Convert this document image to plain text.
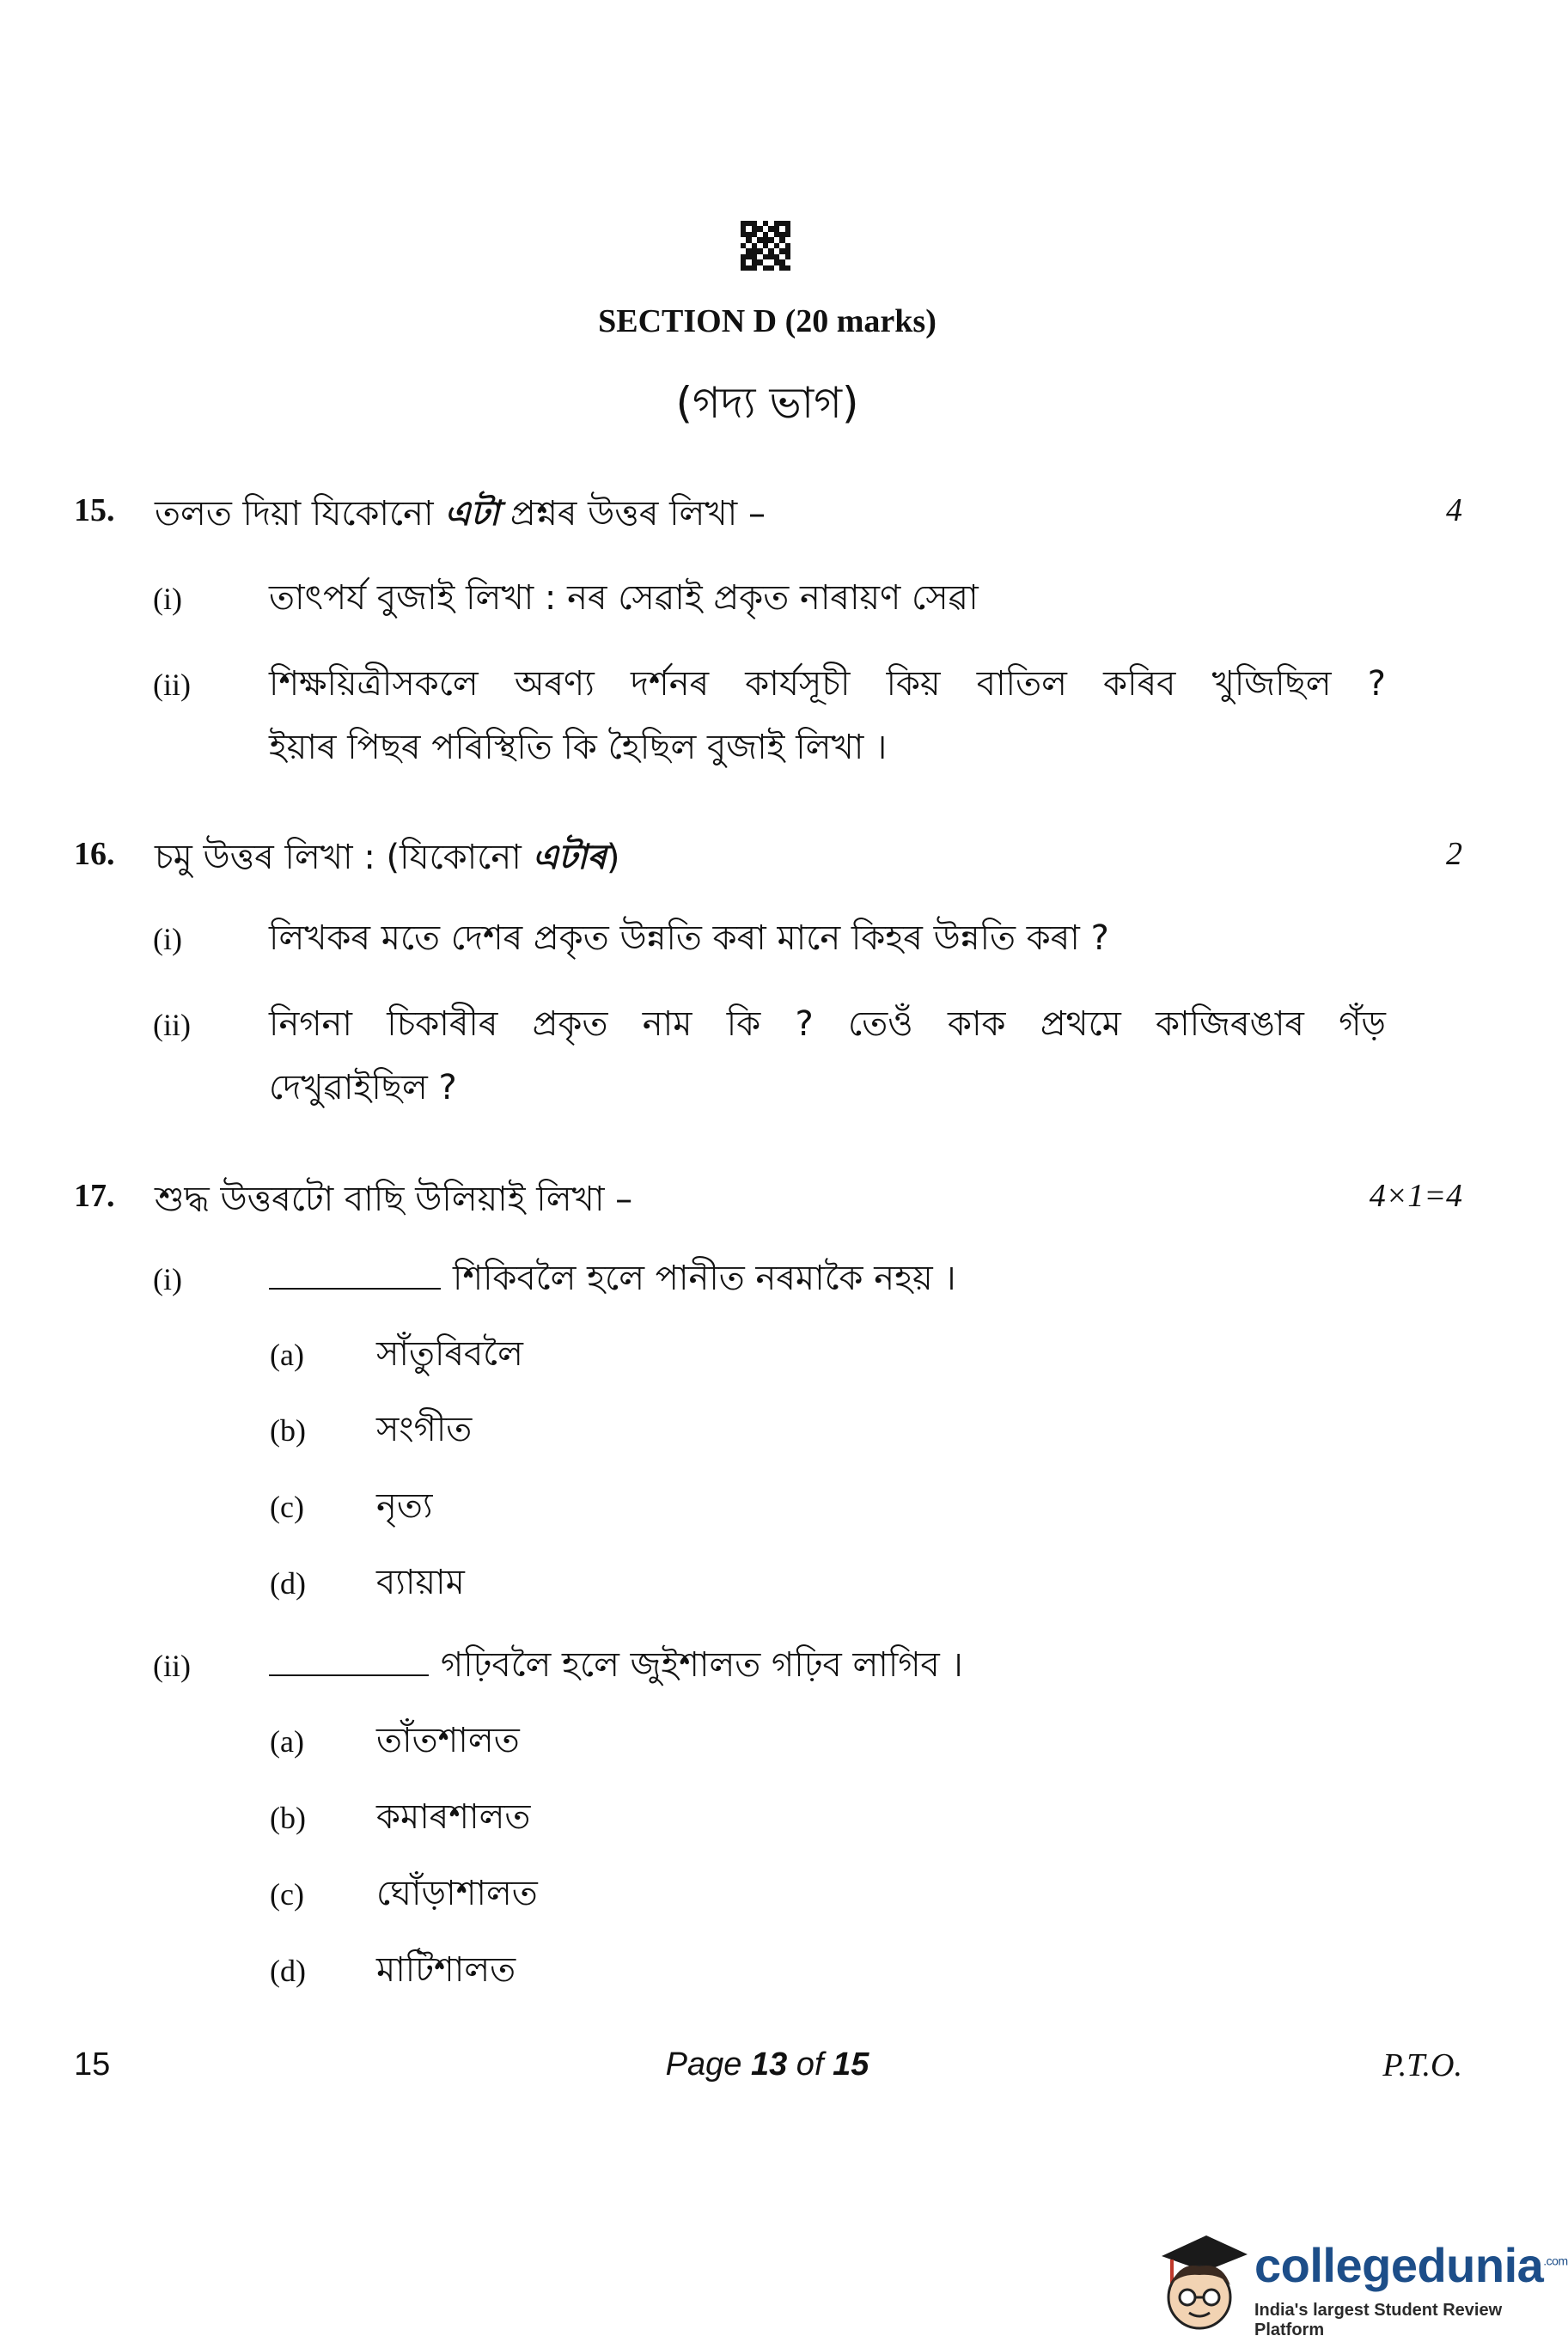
SECTION D (20 marks)
(গদ্য ভাগ)
15. তলত দিয়া যিকোনো এটা প্ৰশ্নৰ উত্তৰ লিখা –	4
(i)	তাৎপৰ্য বুজাই লিখা : নৰ সেৱাই প্ৰকৃত নাৰায়ণ সেৱা
(ii) শিক্ষয়িত্ৰীসকলে অৰণ্য দৰ্শনৰ কাৰ্যসূচী কিয় বাতিল কৰিব খুজিছিল ?
ইয়াৰ পিছৰ পৰিস্থিতি কি হৈছিল বুজাই লিখা ।
16. চমু উত্তৰ লিখা : (যিকোনো এটাৰ)	2
(i)	লিখকৰ মতে দেশৰ প্ৰকৃত উন্নতি কৰা মানে কিহৰ উন্নতি কৰা ?
(ii) নিগনা চিকাৰীৰ প্ৰকৃত নাম কি ? তেওঁ কাক প্ৰথমে কাজিৰঙাৰ গঁড়
দেখুৱাইছিল ?
17. শুদ্ধ উত্তৰটো বাছি উলিয়াই লিখা –	4×1=4
(i)	শিকিবলৈ হলে পানীত নৰমাকৈ নহয় ।
(a) সাঁতুৰিবলৈ
(b) সংগীত
(c) নৃত্য
(d) ব্যায়াম
(ii)	গঢ়িবলৈ হলে জুইশালত গঢ়িব লাগিব ।
(a) তাঁতশালত
(b) কমাৰশালত
(c) ঘোঁড়াশালত
(d) মাটিশালত
15	Page 13 of 15	P.T.O.
collegedunia$^{.com}$
India's largest Student Review Platform
